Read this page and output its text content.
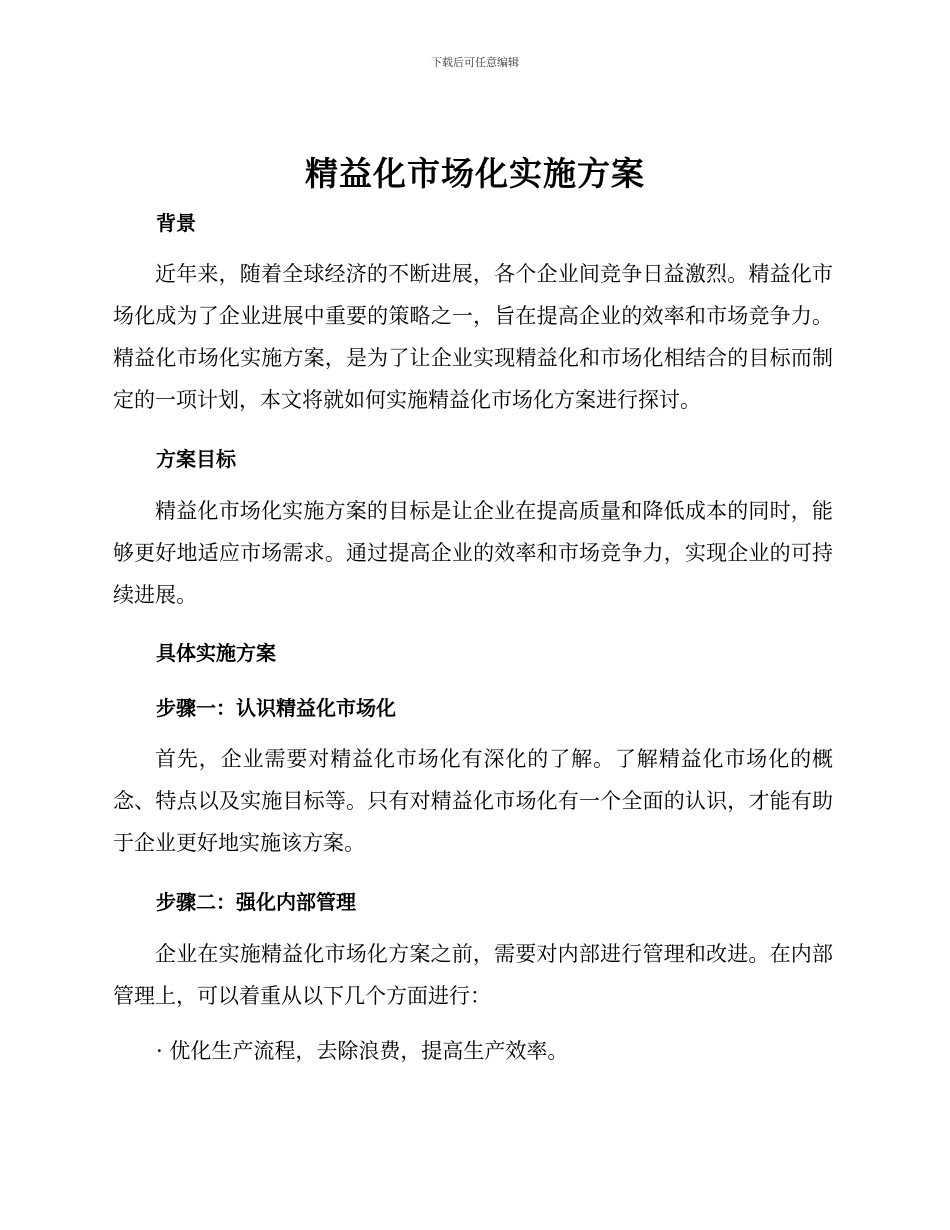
下载后可任意编辑
精益化市场化实施方案
背景

近年来，随着全球经济的不断进展，各个企业间竞争日益激烈。精益化市场化成为了企业进展中重要的策略之一，旨在提高企业的效率和市场竞争力。精益化市场化实施方案，是为了让企业实现精益化和市场化相结合的目标而制定的一项计划，本文将就如何实施精益化市场化方案进行探讨。

方案目标

精益化市场化实施方案的目标是让企业在提高质量和降低成本的同时，能够更好地适应市场需求。通过提高企业的效率和市场竞争力，实现企业的可持续进展。

具体实施方案
步骤一：认识精益化市场化

首先，企业需要对精益化市场化有深化的了解。了解精益化市场化的概念、特点以及实施目标等。只有对精益化市场化有一个全面的认识，才能有助于企业更好地实施该方案。

步骤二：强化内部管理

企业在实施精益化市场化方案之前，需要对内部进行管理和改进。在内部管理上，可以着重从以下几个方面进行：

· 优化生产流程，去除浪费，提高生产效率。
